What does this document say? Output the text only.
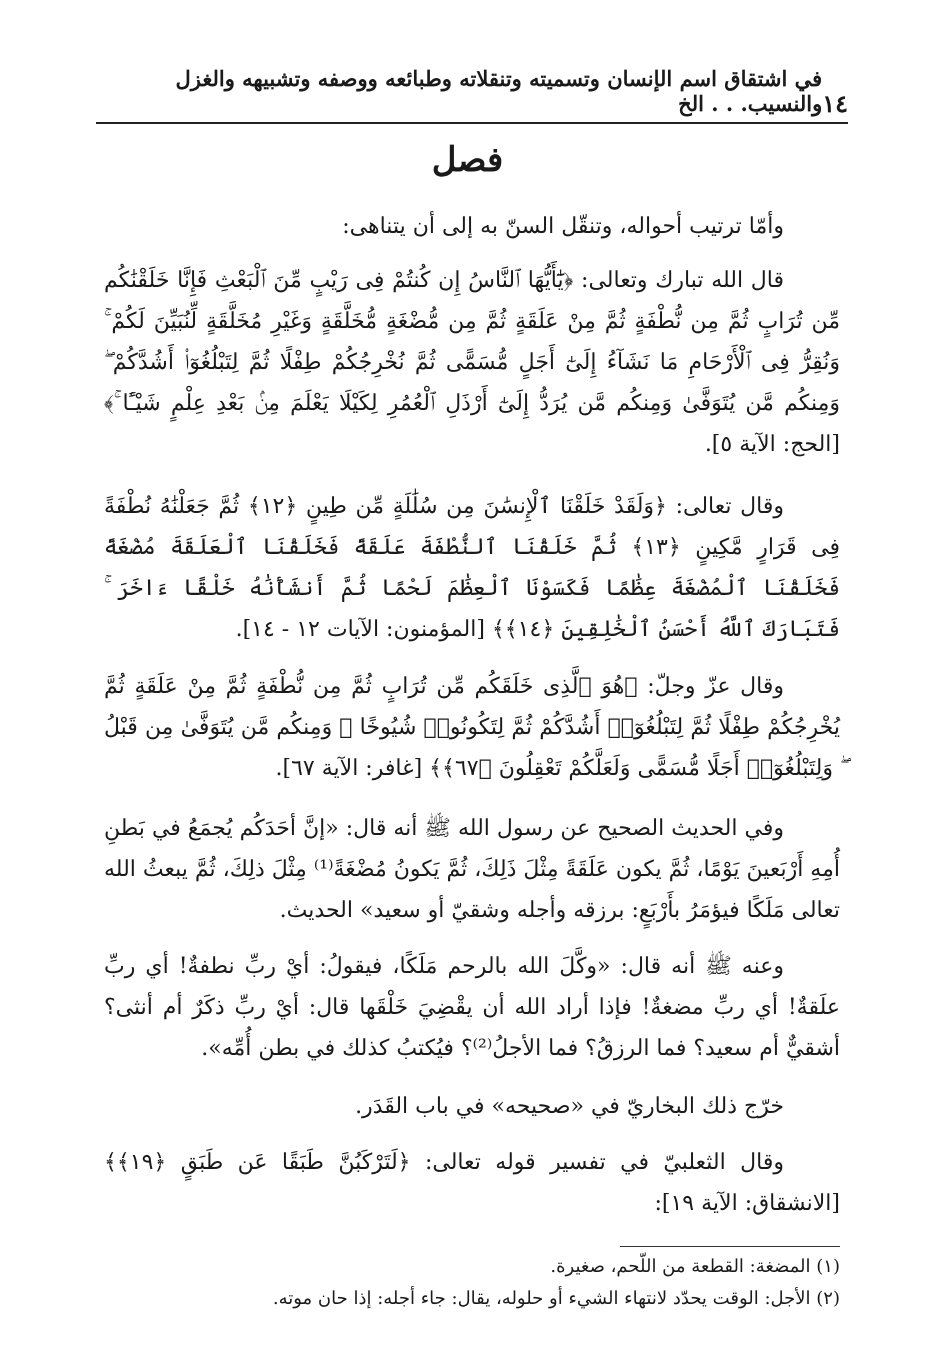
١٤
في اشتقاق اسم الإنسان وتسميته وتنقلاته وطبائعه ووصفه وتشبيهه والغزل والنسيب. . . الخ
فصل

وأمّا ترتيب أحواله، وتنقّل السنّ به إلى أن يتناهى:

قال الله تبارك وتعالى: ﴿يَٰٓأَيُّهَا ٱلنَّاسُ إِن كُنتُمْ فِى رَيْبٍ مِّنَ ٱلْبَعْثِ فَإِنَّا خَلَقْنَٰكُم مِّن تُرَابٍ ثُمَّ مِن نُّطْفَةٍ ثُمَّ مِنْ عَلَقَةٍ ثُمَّ مِن مُّضْغَةٍ مُّخَلَّقَةٍ وَغَيْرِ مُخَلَّقَةٍ لِّنُبَيِّنَ لَكُمْ ۚ وَنُقِرُّ فِى ٱلْأَرْحَامِ مَا نَشَآءُ إِلَىٰٓ أَجَلٍ مُّسَمًّى ثُمَّ نُخْرِجُكُمْ طِفْلًا ثُمَّ لِتَبْلُغُوٓا۟ أَشُدَّكُمْ ۖ وَمِنكُم مَّن يُتَوَفَّىٰ وَمِنكُم مَّن يُرَدُّ إِلَىٰٓ أَرْذَلِ ٱلْعُمُرِ لِكَيْلَا يَعْلَمَ مِنۢ بَعْدِ عِلْمٍ شَيْـًٔا ۚ﴾ [الحج: الآية ٥].

وقال تعالى: ﴿وَلَقَدْ خَلَقْنَا ٱلْإِنسَٰنَ مِن سُلَٰلَةٍ مِّن طِينٍ ﴿١٢﴾ ثُمَّ جَعَلْنَٰهُ نُطْفَةً فِى قَرَارٍ مَّكِينٍ ﴿١٣﴾ ثُمَّ خَلَقْنَا ٱلنُّطْفَةَ عَلَقَةً فَخَلَقْنَا ٱلْعَلَقَةَ مُضْغَةً فَخَلَقْنَا ٱلْمُضْغَةَ عِظَٰمًا فَكَسَوْنَا ٱلْعِظَٰمَ لَحْمًا ثُمَّ أَنشَأْنَٰهُ خَلْقًا ءَاخَرَ ۚ فَتَبَارَكَ ٱللَّهُ أَحْسَنُ ٱلْخَٰلِقِينَ ﴿١٤﴾﴾ [المؤمنون: الآيات ١٢ - ١٤].

وقال عزّ وجلّ: ﴿هُوَ ٱلَّذِى خَلَقَكُم مِّن تُرَابٍ ثُمَّ مِن نُّطْفَةٍ ثُمَّ مِنْ عَلَقَةٍ ثُمَّ يُخْرِجُكُمْ طِفْلًا ثُمَّ لِتَبْلُغُوٓا۟ أَشُدَّكُمْ ثُمَّ لِتَكُونُوا۟ شُيُوخًا ۚ وَمِنكُم مَّن يُتَوَفَّىٰ مِن قَبْلُ ۖ وَلِتَبْلُغُوٓا۟ أَجَلًا مُّسَمًّى وَلَعَلَّكُمْ تَعْقِلُونَ ﴿٦٧﴾﴾ [غافر: الآية ٦٧].

وفي الحديث الصحيح عن رسول الله ﷺ أنه قال: «إنَّ أحَدَكُم يُجمَعُ في بَطنِ أُمِهِ أَرْبَعينَ يَوْمًا، ثُمَّ يكون عَلَقَةً مِثْلَ ذَلِكَ، ثُمَّ يَكونُ مُضْغَةً⁽¹⁾ مِثْلَ ذلِكَ، ثُمَّ يبعثُ الله تعالى مَلَكًا فيؤمَرُ بأَرْبَعٍ: برزقه وأجله وشقيّ أو سعيد» الحديث.

وعنه ﷺ أنه قال: «وكَّلَ الله بالرحم مَلَكًا، فيقولُ: أيْ ربِّ نطفةٌ! أي ربِّ علَقةٌ! أي ربِّ مضغةٌ! فإذا أراد الله أن يقْضِيَ خَلْقَها قال: أيْ ربِّ ذكَرٌ أم أنثى؟ أشقيٌّ أم سعيد؟ فما الرزقُ؟ فما الأجلُ⁽²⁾؟ فيُكتبُ كذلك في بطن أُمِّه».

خرّج ذلك البخاريّ في «صحيحه» في باب القَدَر.

وقال الثعلبيّ في تفسير قوله تعالى: ﴿لَتَرْكَبُنَّ طَبَقًا عَن طَبَقٍ ﴿١٩﴾﴾ [الانشقاق: الآية ١٩]:

(١) المضغة: القطعة من اللّحم، صغيرة.

(٢) الأجل: الوقت يحدّد لانتهاء الشيء أو حلوله، يقال: جاء أجله: إذا حان موته.
